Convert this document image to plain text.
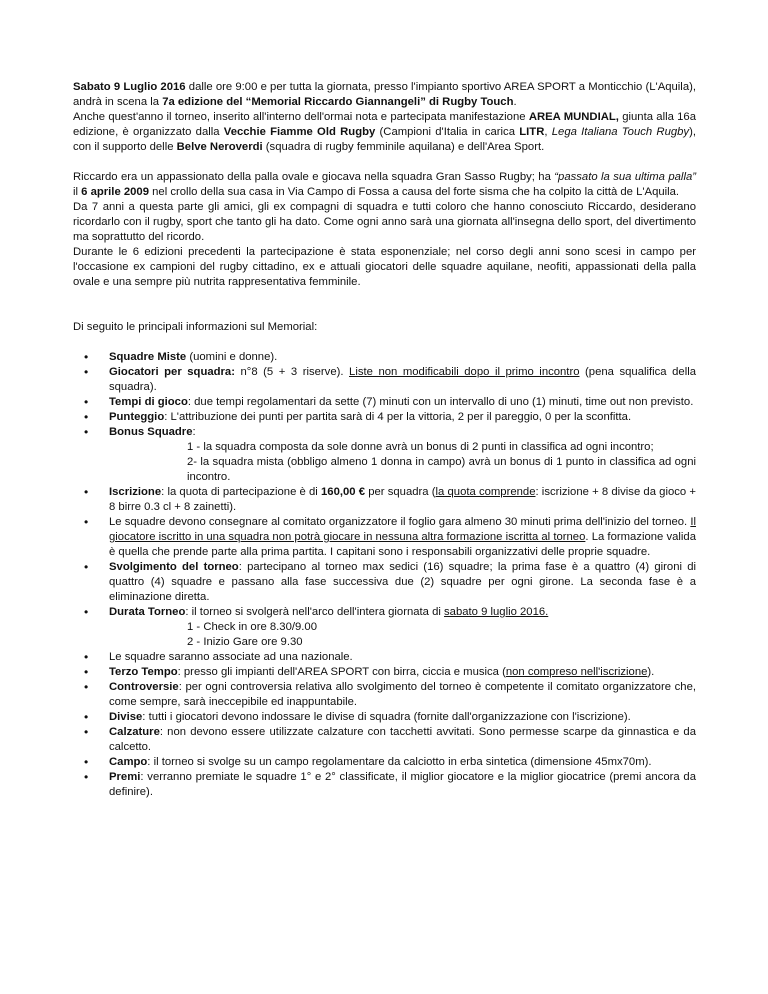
Sabato 9 Luglio 2016 dalle ore 9:00 e per tutta la giornata, presso l'impianto sportivo AREA SPORT a Monticchio (L'Aquila), andrà in scena la 7a edizione del “Memorial Riccardo Giannangeli” di Rugby Touch.

Anche quest'anno il torneo, inserito all'interno dell'ormai nota e partecipata manifestazione AREA MUNDIAL, giunta alla 16a edizione, è organizzato dalla Vecchie Fiamme Old Rugby (Campioni d'Italia in carica LITR, Lega Italiana Touch Rugby), con il supporto delle Belve Neroverdi (squadra di rugby femminile aquilana) e dell'Area Sport.

Riccardo era un appassionato della palla ovale e giocava nella squadra Gran Sasso Rugby; ha “passato la sua ultima palla” il 6 aprile 2009 nel crollo della sua casa in Via Campo di Fossa a causa del forte sisma che ha colpito la città de L'Aquila.

Da 7 anni a questa parte gli amici, gli ex compagni di squadra e tutti coloro che hanno conosciuto Riccardo, desiderano ricordarlo con il rugby, sport che tanto gli ha dato. Come ogni anno sarà una giornata all'insegna dello sport, del divertimento ma soprattutto del ricordo.

Durante le 6 edizioni precedenti la partecipazione è stata esponenziale; nel corso degli anni sono scesi in campo per l'occasione ex campioni del rugby cittadino, ex e attuali giocatori delle squadre aquilane, neofiti, appassionati della palla ovale e una sempre più nutrita rappresentativa femminile.

Di seguito le principali informazioni sul Memorial:

• Squadre Miste (uomini e donne).
• Giocatori per squadra: n°8 (5 + 3 riserve). Liste non modificabili dopo il primo incontro (pena squalifica della squadra).
• Tempi di gioco: due tempi regolamentari da sette (7) minuti con un intervallo di uno (1) minuti, time out non previsto.
• Punteggio: L'attribuzione dei punti per partita sarà di 4 per la vittoria, 2 per il pareggio, 0 per la sconfitta.
• Bonus Squadre:
1 - la squadra composta da sole donne avrà un bonus di 2 punti in classifica ad ogni incontro;
2- la squadra mista (obbligo almeno 1 donna in campo) avrà un bonus di 1 punto in classifica ad ogni incontro.
• Iscrizione: la quota di partecipazione è di 160,00 € per squadra (la quota comprende: iscrizione + 8 divise da gioco + 8 birre 0.3 cl + 8 zainetti).
• Le squadre devono consegnare al comitato organizzatore il foglio gara almeno 30 minuti prima dell'inizio del torneo. Il giocatore iscritto in una squadra non potrà giocare in nessuna altra formazione iscritta al torneo. La formazione valida è quella che prende parte alla prima partita. I capitani sono i responsabili organizzativi delle proprie squadre.
• Svolgimento del torneo: partecipano al torneo max sedici (16) squadre; la prima fase è a quattro (4) gironi di quattro (4) squadre e passano alla fase successiva due (2) squadre per ogni girone. La seconda fase è a eliminazione diretta.
• Durata Torneo: il torneo si svolgerà nell'arco dell'intera giornata di sabato 9 luglio 2016.
1 - Check in ore 8.30/9.00
2 - Inizio Gare ore 9.30
• Le squadre saranno associate ad una nazionale.
• Terzo Tempo: presso gli impianti dell'AREA SPORT con birra, ciccia e musica (non compreso nell'iscrizione).
• Controversie: per ogni controversia relativa allo svolgimento del torneo è competente il comitato organizzatore che, come sempre, sarà ineccepibile ed inappuntabile.
• Divise: tutti i giocatori devono indossare le divise di squadra (fornite dall'organizzazione con l'iscrizione).
• Calzature: non devono essere utilizzate calzature con tacchetti avvitati. Sono permesse scarpe da ginnastica e da calcetto.
• Campo: il torneo si svolge su un campo regolamentare da calciotto in erba sintetica (dimensione 45mx70m).
• Premi: verranno premiate le squadre 1° e 2° classificate, il miglior giocatore e la miglior giocatrice (premi ancora da definire).
